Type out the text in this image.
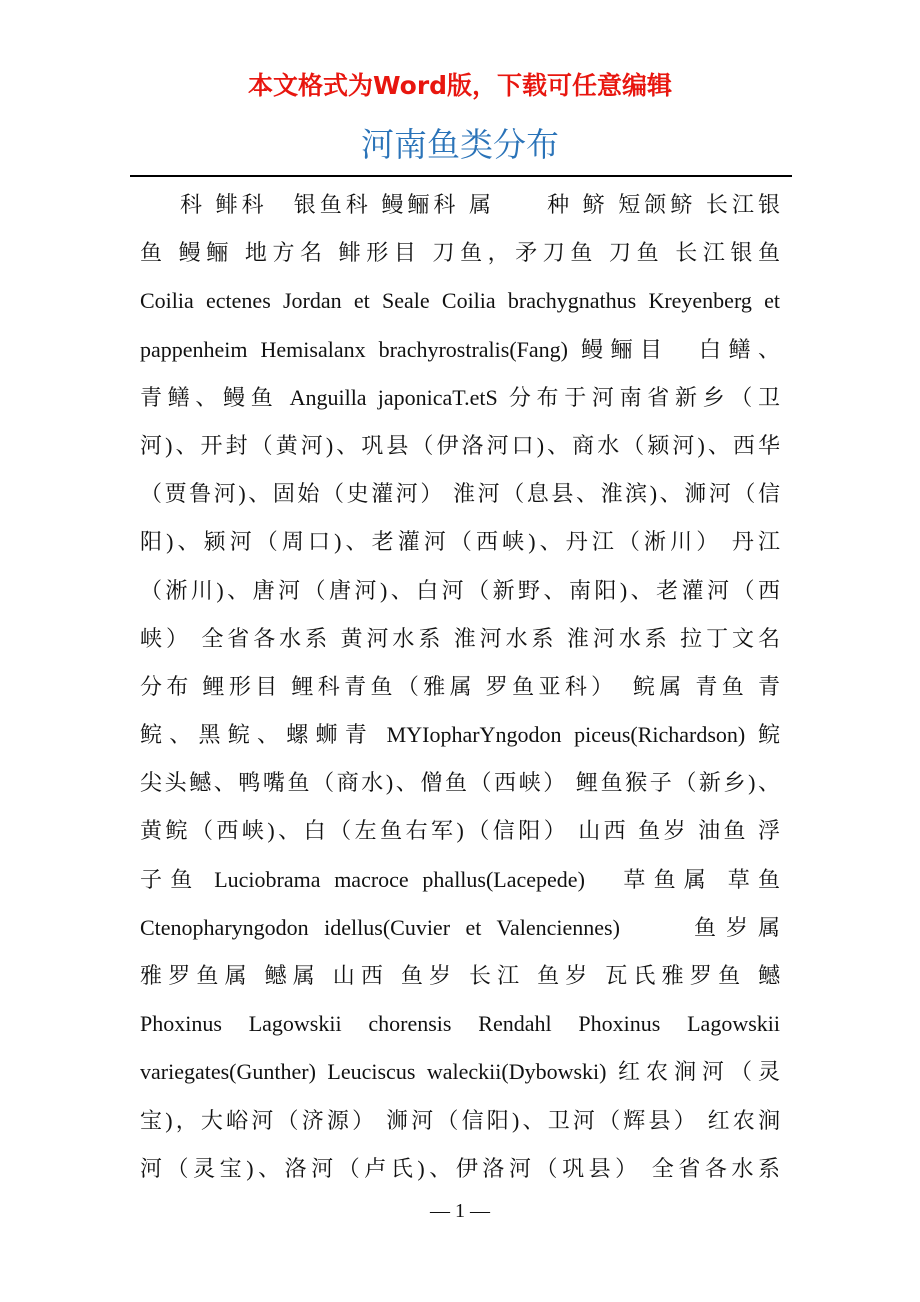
本文格式为Word版，下载可任意编辑
河南鱼类分布
科 鲱科　银鱼科 鳗鲡科 属　　种 鲚 短颌鲚 长江银
鱼 鳗鲡 地方名 鲱形目 刀鱼，矛刀鱼 刀鱼 长江银鱼
Coilia ectenes Jordan et Seale Coilia brachygnathus Kreyenberg et
pappenheim Hemisalanx brachyrostralis(Fang) 鳗鲡目　白鳝、
青鳝、鳗鱼 Anguilla japonicaT.etS 分布于河南省新乡（卫
河)、开封（黄河)、巩县（伊洛河口)、商水（颍河)、西华
（贾鲁河)、固始（史灌河） 淮河（息县、淮滨)、浉河（信
阳)、颍河（周口)、老灌河（西峡)、丹江（淅川） 丹江
（淅川)、唐河（唐河)、白河（新野、南阳)、老灌河（西
峡） 全省各水系 黄河水系 淮河水系 淮河水系 拉丁文名
分布 鲤形目 鲤科青鱼（雅属 罗鱼亚科）　鲩属 青鱼 青
鲩、黑鲩、螺蛳青 MYIopharYngodon piceus(Richardson) 鲩
尖头鳡、鸭嘴鱼（商水)、僧鱼（西峡） 鲤鱼猴子（新乡)、
黄鲩（西峡)、白（左鱼右军)（信阳） 山西 鱼岁 油鱼 浮
子鱼 Luciobrama macroce phallus(Lacepede)　草鱼属 草鱼
Ctenopharyngodon idellus(Cuvier et Valenciennes)　　鱼岁属
雅罗鱼属 鳡属 山西 鱼岁 长江 鱼岁 瓦氏雅罗鱼 鳡
Phoxinus Lagowskii chorensis Rendahl Phoxinus Lagowskii
variegates(Gunther) Leuciscus waleckii(Dybowski) 红农涧河（灵
宝)，大峪河（济源） 浉河（信阳)、卫河（辉县） 红农涧
河（灵宝)、洛河（卢氏)、伊洛河（巩县） 全省各水系
— 1 —
